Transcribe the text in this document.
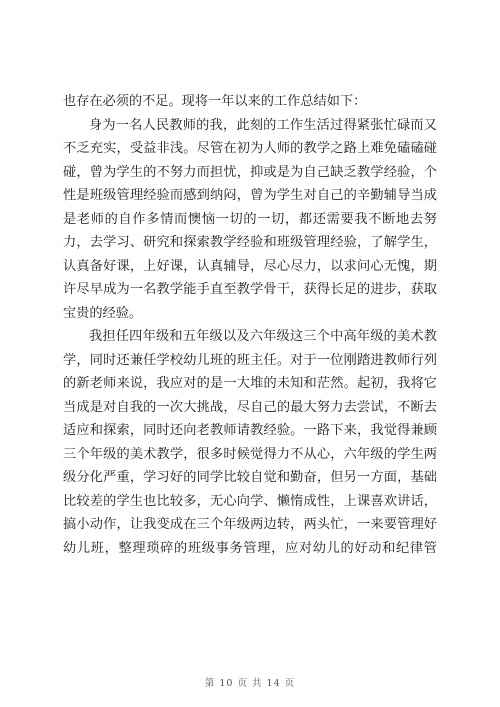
也存在必须的不足。现将一年以来的工作总结如下：
身为一名人民教师的我，此刻的工作生活过得紧张忙碌而又
不乏充实，受益非浅。尽管在初为人师的教学之路上难免磕磕碰
碰，曾为学生的不努力而担忧，抑或是为自己缺乏教学经验，个
性是班级管理经验而感到纳闷，曾为学生对自己的辛勤辅导当成
是老师的自作多情而懊恼一切的一切，都还需要我不断地去努
力，去学习、研究和探索教学经验和班级管理经验，了解学生，
认真备好课，上好课，认真辅导，尽心尽力，以求问心无愧，期
许尽早成为一名教学能手直至教学骨干，获得长足的进步，获取
宝贵的经验。
我担任四年级和五年级以及六年级这三个中高年级的美术教
学，同时还兼任学校幼儿班的班主任。对于一位刚踏进教师行列
的新老师来说，我应对的是一大堆的未知和茫然。起初，我将它
当成是对自我的一次大挑战，尽自己的最大努力去尝试，不断去
适应和探索，同时还向老教师请教经验。一路下来，我觉得兼顾
三个年级的美术教学，很多时候觉得力不从心，六年级的学生两
级分化严重，学习好的同学比较自觉和勤奋，但另一方面，基础
比较差的学生也比较多，无心向学、懒惰成性，上课喜欢讲话，
搞小动作，让我变成在三个年级两边转，两头忙，一来要管理好
幼儿班，整理琐碎的班级事务管理，应对幼儿的好动和纪律管
第 10 页 共 14 页
